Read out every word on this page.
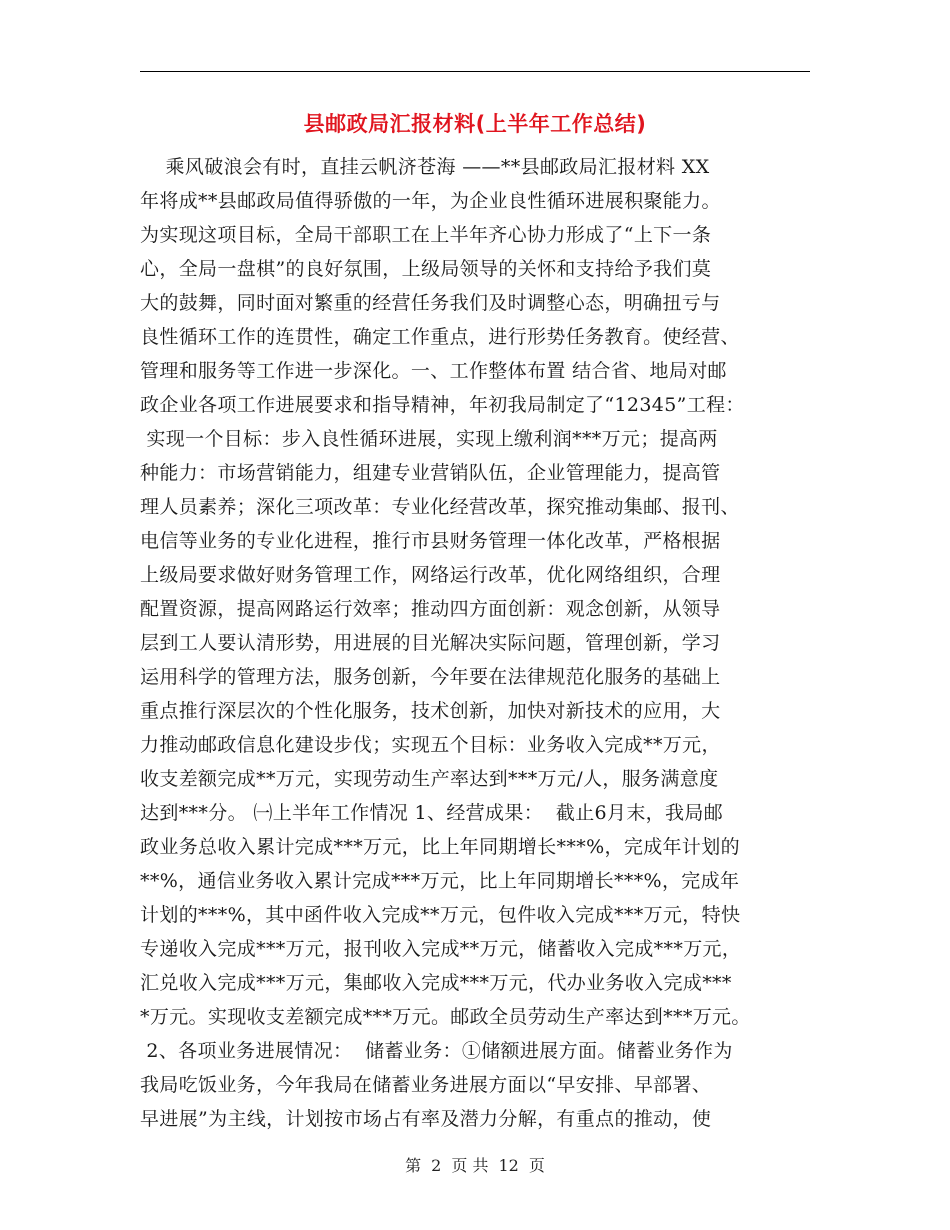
县邮政局汇报材料(上半年工作总结)
乘风破浪会有时，直挂云帆济苍海 ——**县邮政局汇报材料 XX
年将成**县邮政局值得骄傲的一年，为企业良性循环进展积聚能力。
为实现这项目标，全局干部职工在上半年齐心协力形成了“上下一条
心，全局一盘棋”的良好氛围，上级局领导的关怀和支持给予我们莫
大的鼓舞，同时面对繁重的经营任务我们及时调整心态，明确扭亏与
良性循环工作的连贯性，确定工作重点，进行形势任务教育。使经营、
管理和服务等工作进一步深化。一、工作整体布置 结合省、地局对邮
政企业各项工作进展要求和指导精神，年初我局制定了“12345”工程：
实现一个目标：步入良性循环进展，实现上缴利润***万元；提高两
种能力：市场营销能力，组建专业营销队伍，企业管理能力，提高管
理人员素养；深化三项改革：专业化经营改革，探究推动集邮、报刊、
电信等业务的专业化进程，推行市县财务管理一体化改革，严格根据
上级局要求做好财务管理工作，网络运行改革，优化网络组织，合理
配置资源，提高网路运行效率；推动四方面创新：观念创新，从领导
层到工人要认清形势，用进展的目光解决实际问题，管理创新，学习
运用科学的管理方法，服务创新，今年要在法律规范化服务的基础上
重点推行深层次的个性化服务，技术创新，加快对新技术的应用，大
力推动邮政信息化建设步伐；实现五个目标：业务收入完成**万元，
收支差额完成**万元，实现劳动生产率达到***万元/人，服务满意度
达到***分。 ㈠上半年工作情况 1、经营成果：  截止6月末，我局邮
政业务总收入累计完成***万元，比上年同期增长***%，完成年计划的
**%，通信业务收入累计完成***万元，比上年同期增长***%，完成年
计划的***%，其中函件收入完成**万元，包件收入完成***万元，特快
专递收入完成***万元，报刊收入完成**万元，储蓄收入完成***万元，
汇兑收入完成***万元，集邮收入完成***万元，代办业务收入完成***
*万元。实现收支差额完成***万元。邮政全员劳动生产率达到***万元。
2、各项业务进展情况：  储蓄业务：①储额进展方面。储蓄业务作为
我局吃饭业务，今年我局在储蓄业务进展方面以“早安排、早部署、
早进展”为主线，计划按市场占有率及潜力分解，有重点的推动，使
第 2 页 共 12 页
